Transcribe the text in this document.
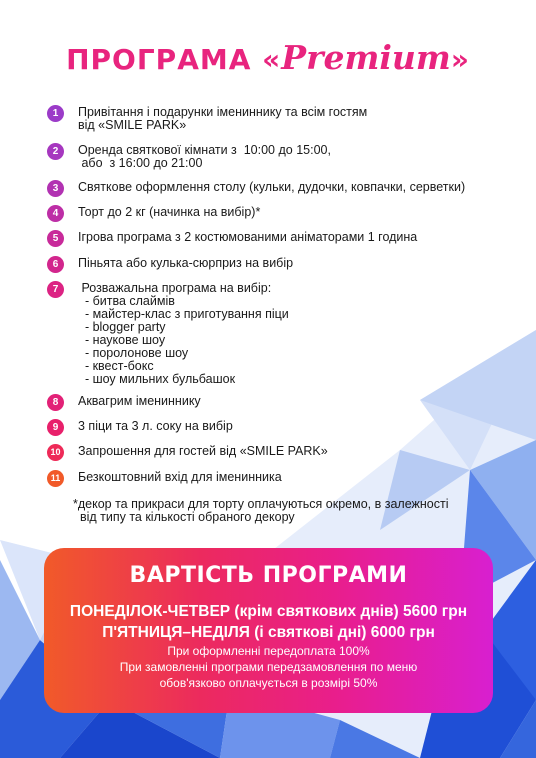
ПРОГРАМА «Premium»
1	Привітання і подарунки імениннику та всім гостям
від «SMILE PARK»
2	Оренда святкової кімнати з  10:00 до 15:00,
або  з 16:00 до 21:00
3	Святкове оформлення столу (кульки, дудочки, ковпачки, серветки)
4	Торт до 2 кг (начинка на вибір)*
5	Ігрова програма з 2 костюмованими аніматорами 1 година
6	Піньята або кулька-сюрприз на вибір
7	Розважальна програма на вибір:
- битва слаймів
- майстер-клас з приготування піци
- blogger party
- наукове шоу
- поролонове шоу
- квест-бокс
- шоу мильних бульбашок
8	Аквагрим імениннику
9	3 піци та 3 л. соку на вибір
10 Запрошення для гостей від «SMILE PARK»
11	Безкоштовний вхід для іменинника
*декор та прикраси для торту оплачуються окремо, в залежності
від типу та кількості обраного декору
ВАРТІСТЬ ПРОГРАМИ
ПОНЕДІЛОК-ЧЕТВЕР (крім святкових днів) 5600 грн
П'ЯТНИЦЯ–НЕДІЛЯ (і святкові дні) 6000 грн
При оформленні передоплата 100%
При замовленні програми передзамовлення по меню
обов'язково оплачується в розмірі 50%
